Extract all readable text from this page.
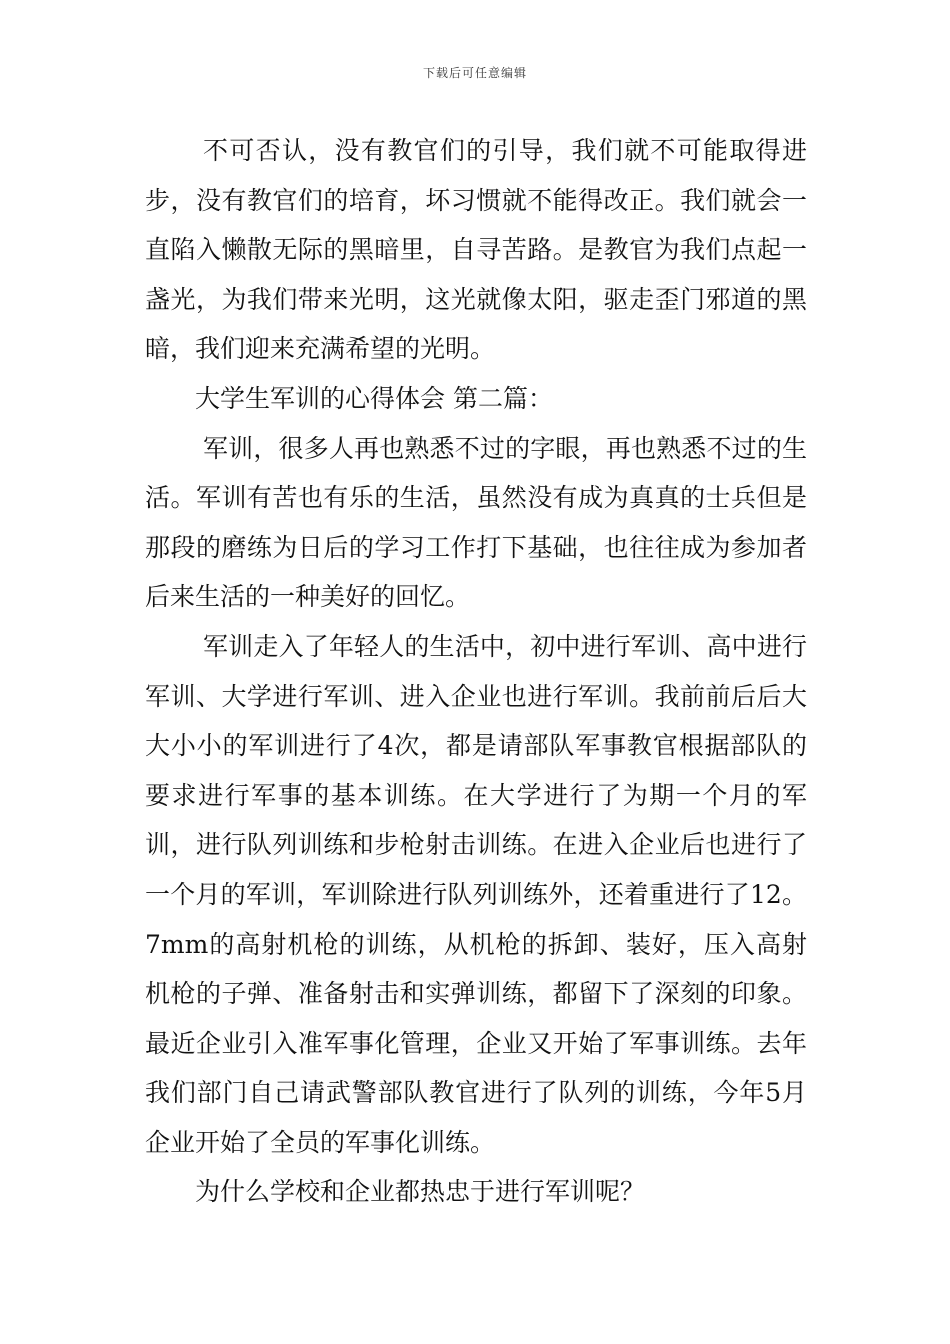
下载后可任意编辑

不可否认，没有教官们的引导，我们就不可能取得进步，没有教官们的培育，坏习惯就不能得改正。我们就会一直陷入懒散无际的黑暗里，自寻苦路。是教官为我们点起一盏光，为我们带来光明，这光就像太阳，驱走歪门邪道的黑暗，我们迎来充满希望的光明。

大学生军训的心得体会 第二篇：

军训，很多人再也熟悉不过的字眼，再也熟悉不过的生活。军训有苦也有乐的生活，虽然没有成为真真的士兵但是那段的磨练为日后的学习工作打下基础，也往往成为参加者后来生活的一种美好的回忆。

军训走入了年轻人的生活中，初中进行军训、高中进行军训、大学进行军训、进入企业也进行军训。我前前后后大大小小的军训进行了4次，都是请部队军事教官根据部队的要求进行军事的基本训练。在大学进行了为期一个月的军训，进行队列训练和步枪射击训练。在进入企业后也进行了一个月的军训，军训除进行队列训练外，还着重进行了12。7mm的高射机枪的训练，从机枪的拆卸、装好，压入高射机枪的子弹、准备射击和实弹训练，都留下了深刻的印象。最近企业引入准军事化管理，企业又开始了军事训练。去年我们部门自己请武警部队教官进行了队列的训练，今年5月企业开始了全员的军事化训练。

为什么学校和企业都热忠于进行军训呢？
